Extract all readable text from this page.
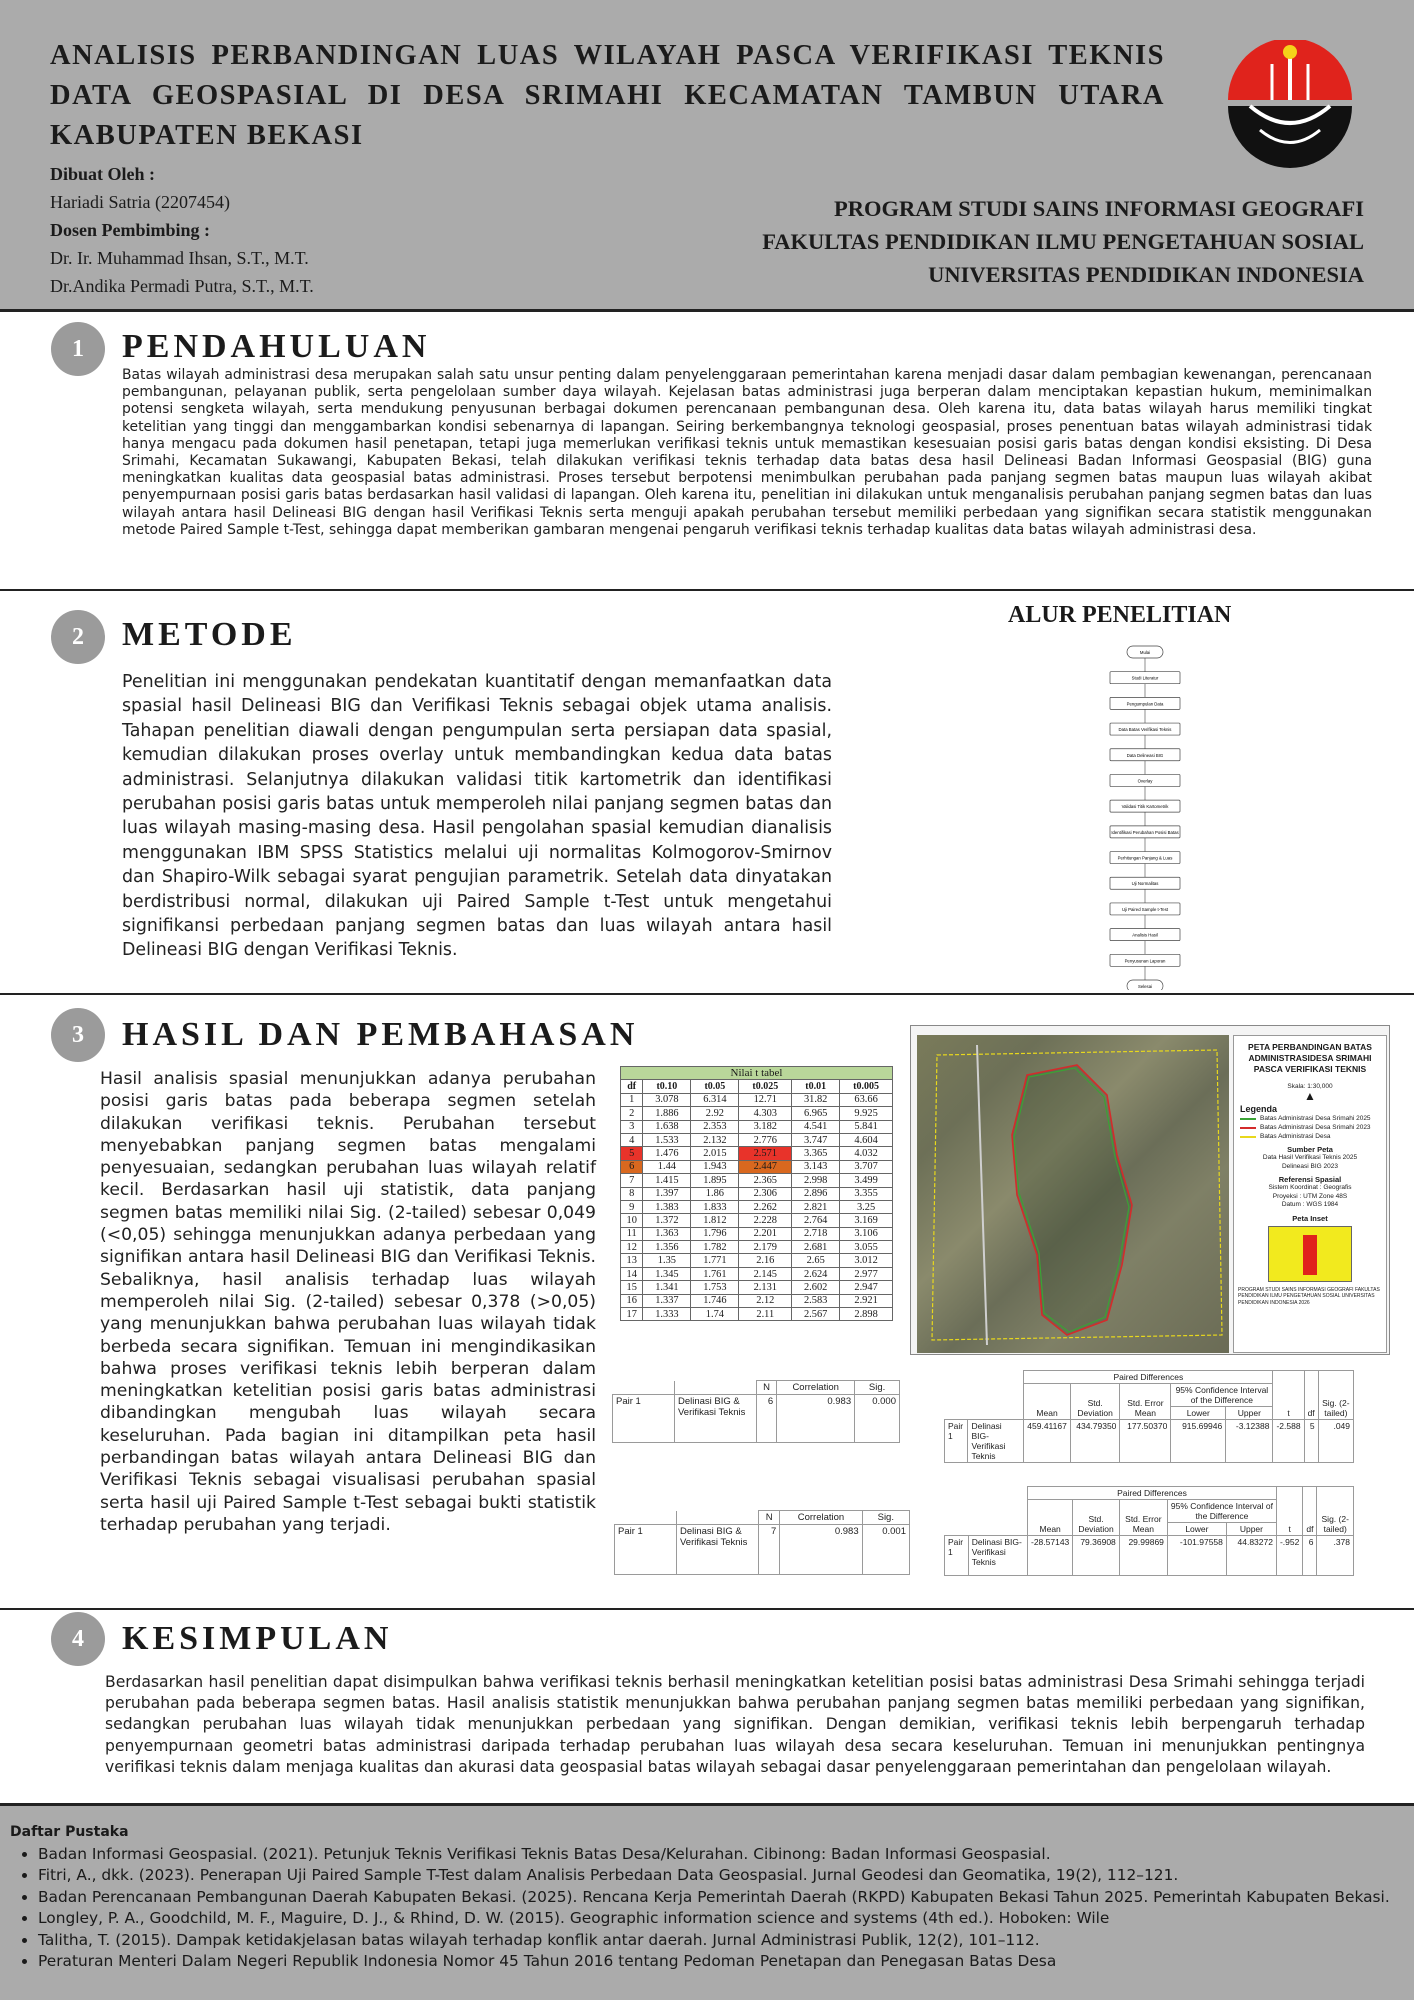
ANALISIS PERBANDINGAN LUAS WILAYAH PASCA VERIFIKASI TEKNIS DATA GEOSPASIAL DI DESA SRIMAHI KECAMATAN TAMBUN UTARA KABUPATEN BEKASI
Dibuat Oleh :
Hariadi Satria (2207454)
Dosen Pembimbing :
Dr. Ir. Muhammad Ihsan, S.T., M.T.
Dr.Andika Permadi Putra, S.T., M.T.
PROGRAM STUDI SAINS INFORMASI GEOGRAFI
FAKULTAS PENDIDIKAN ILMU PENGETAHUAN SOSIAL
UNIVERSITAS PENDIDIKAN INDONESIA
1	PENDAHULUAN
Batas wilayah administrasi desa merupakan salah satu unsur penting dalam penyelenggaraan pemerintahan karena menjadi dasar dalam pembagian kewenangan, perencanaan pembangunan, pelayanan publik, serta pengelolaan sumber daya wilayah. Kejelasan batas administrasi juga berperan dalam menciptakan kepastian hukum, meminimalkan potensi sengketa wilayah, serta mendukung penyusunan berbagai dokumen perencanaan pembangunan desa. Oleh karena itu, data batas wilayah harus memiliki tingkat ketelitian yang tinggi dan menggambarkan kondisi sebenarnya di lapangan. Seiring berkembangnya teknologi geospasial, proses penentuan batas wilayah administrasi tidak hanya mengacu pada dokumen hasil penetapan, tetapi juga memerlukan verifikasi teknis untuk memastikan kesesuaian posisi garis batas dengan kondisi eksisting. Di Desa Srimahi, Kecamatan Sukawangi, Kabupaten Bekasi, telah dilakukan verifikasi teknis terhadap data batas desa hasil Delineasi Badan Informasi Geospasial (BIG) guna meningkatkan kualitas data geospasial batas administrasi. Proses tersebut berpotensi menimbulkan perubahan pada panjang segmen batas maupun luas wilayah akibat penyempurnaan posisi garis batas berdasarkan hasil validasi di lapangan. Oleh karena itu, penelitian ini dilakukan untuk menganalisis perubahan panjang segmen batas dan luas wilayah antara hasil Delineasi BIG dengan hasil Verifikasi Teknis serta menguji apakah perubahan tersebut memiliki perbedaan yang signifikan secara statistik menggunakan metode Paired Sample t-Test, sehingga dapat memberikan gambaran mengenai pengaruh verifikasi teknis terhadap kualitas data batas wilayah administrasi desa.
2	METODE
Penelitian ini menggunakan pendekatan kuantitatif dengan memanfaatkan data spasial hasil Delineasi BIG dan Verifikasi Teknis sebagai objek utama analisis. Tahapan penelitian diawali dengan pengumpulan serta persiapan data spasial, kemudian dilakukan proses overlay untuk membandingkan kedua data batas administrasi. Selanjutnya dilakukan validasi titik kartometrik dan identifikasi perubahan posisi garis batas untuk memperoleh nilai panjang segmen batas dan luas wilayah masing-masing desa. Hasil pengolahan spasial kemudian dianalisis menggunakan IBM SPSS Statistics melalui uji normalitas Kolmogorov-Smirnov dan Shapiro-Wilk sebagai syarat pengujian parametrik. Setelah data dinyatakan berdistribusi normal, dilakukan uji Paired Sample t-Test untuk mengetahui signifikansi perbedaan panjang segmen batas dan luas wilayah antara hasil Delineasi BIG dengan Verifikasi Teknis.
ALUR PENELITIAN
Mulai
Studi Literatur
Pengumpulan Data
Data Batas Verifikasi Teknis
Data Delineasi BIG
Overlay
Validasi Titik Kartometrik
Identifikasi Perubahan Posisi Batas
Perhitungan Panjang & Luas
Uji Normalitas
Uji Paired Sample t-Test
Analisis Hasil
Penyusunan Laporan
Selesai
3	HASIL DAN PEMBAHASAN
Hasil analisis spasial menunjukkan adanya perubahan posisi garis batas pada beberapa segmen setelah dilakukan verifikasi teknis. Perubahan tersebut menyebabkan panjang segmen batas mengalami penyesuaian, sedangkan perubahan luas wilayah relatif kecil. Berdasarkan hasil uji statistik, data panjang segmen batas memiliki nilai Sig. (2-tailed) sebesar 0,049 (<0,05) sehingga menunjukkan adanya perbedaan yang signifikan antara hasil Delineasi BIG dan Verifikasi Teknis. Sebaliknya, hasil analisis terhadap luas wilayah memperoleh nilai Sig. (2-tailed) sebesar 0,378 (>0,05) yang menunjukkan bahwa perubahan luas wilayah tidak berbeda secara signifikan. Temuan ini mengindikasikan bahwa proses verifikasi teknis lebih berperan dalam meningkatkan ketelitian posisi garis batas administrasi dibandingkan mengubah luas wilayah secara keseluruhan. Pada bagian ini ditampilkan peta hasil perbandingan batas wilayah antara Delineasi BIG dan Verifikasi Teknis sebagai visualisasi perubahan spasial serta hasil uji Paired Sample t-Test sebagai bukti statistik terhadap perubahan yang terjadi.
Nilai t tabel					
df	t0.10	t0.05	t0.025	t0.01	t0.005
1	3.078	6.314	12.71	31.82	63.66
2	1.886	2.92	4.303	6.965	9.925
3	1.638	2.353	3.182	4.541	5.841
4	1.533	2.132	2.776	3.747	4.604
5	1.476	2.015	2.571	3.365	4.032
6	1.44	1.943	2.447	3.143	3.707
7	1.415	1.895	2.365	2.998	3.499
8	1.397	1.86	2.306	2.896	3.355
9	1.383	1.833	2.262	2.821	3.25
10	1.372	1.812	2.228	2.764	3.169
11	1.363	1.796	2.201	2.718	3.106
12	1.356	1.782	2.179	2.681	3.055
13	1.35	1.771	2.16	2.65	3.012
14	1.345	1.761	2.145	2.624	2.977
15	1.341	1.753	2.131	2.602	2.947
16	1.337	1.746	2.12	2.583	2.921
17	1.333	1.74	2.11	2.567	2.898
PETA PERBANDINGAN BATAS ADMINISTRASIDESA SRIMAHI PASCA VERIFIKASI TEKNIS
Skala: 1:30,000
▲
Legenda
Batas Administrasi Desa Srimahi 2025
Batas Administrasi Desa Srimahi 2023
Batas Administrasi Desa
Sumber Peta
Data Hasil Verifikasi Teknis 2025
Delineasi BIG 2023
Referensi Spasial
Sistem Koordinat : Geografis
Proyeksi : UTM Zone 48S
Datum : WGS 1984
Peta Inset
PROGRAM STUDI SAINS INFORMASI GEOGRAFI FAKULTAS PENDIDIKAN ILMU PENGETAHUAN SOSIAL UNIVERSITAS PENDIDIKAN INDONESIA 2026
		N	Correlation	Sig.
Pair 1	Delinasi BIG & Verifikasi Teknis	6	0.983	0.000
		N	Correlation	Sig.
Pair 1	Delinasi BIG & Verifikasi Teknis	7	0.983	0.001
		Paired Differences					t	df	Sig. (2-tailed)
		Mean	Std. Deviation	Std. Error Mean	95% Confidence Interval of the Difference				
					Lower	Upper			
Pair 1	Delinasi BIG- Verifikasi Teknis	459.41167	434.79350	177.50370	915.69946	-3.12388	-2.588	5	.049
		Paired Differences					t	df	Sig. (2-tailed)
		Mean	Std. Deviation	Std. Error Mean	95% Confidence Interval of the Difference				
					Lower	Upper			
Pair 1	Delinasi BIG- Verifikasi Teknis	-28.57143	79.36908	29.99869	-101.97558	44.83272	-.952	6	.378
4	KESIMPULAN
Berdasarkan hasil penelitian dapat disimpulkan bahwa verifikasi teknis berhasil meningkatkan ketelitian posisi batas administrasi Desa Srimahi sehingga terjadi perubahan pada beberapa segmen batas. Hasil analisis statistik menunjukkan bahwa perubahan panjang segmen batas memiliki perbedaan yang signifikan, sedangkan perubahan luas wilayah tidak menunjukkan perbedaan yang signifikan. Dengan demikian, verifikasi teknis lebih berpengaruh terhadap penyempurnaan geometri batas administrasi daripada terhadap perubahan luas wilayah desa secara keseluruhan. Temuan ini menunjukkan pentingnya verifikasi teknis dalam menjaga kualitas dan akurasi data geospasial batas wilayah sebagai dasar penyelenggaraan pemerintahan dan pengelolaan wilayah.
Daftar Pustaka
• Badan Informasi Geospasial. (2021). Petunjuk Teknis Verifikasi Teknis Batas Desa/Kelurahan. Cibinong: Badan Informasi Geospasial.
• Fitri, A., dkk. (2023). Penerapan Uji Paired Sample T-Test dalam Analisis Perbedaan Data Geospasial. Jurnal Geodesi dan Geomatika, 19(2), 112–121.
• Badan Perencanaan Pembangunan Daerah Kabupaten Bekasi. (2025). Rencana Kerja Pemerintah Daerah (RKPD) Kabupaten Bekasi Tahun 2025. Pemerintah Kabupaten Bekasi.
• Longley, P. A., Goodchild, M. F., Maguire, D. J., & Rhind, D. W. (2015). Geographic information science and systems (4th ed.). Hoboken: Wile
• Talitha, T. (2015). Dampak ketidakjelasan batas wilayah terhadap konflik antar daerah. Jurnal Administrasi Publik, 12(2), 101–112.
• Peraturan Menteri Dalam Negeri Republik Indonesia Nomor 45 Tahun 2016 tentang Pedoman Penetapan dan Penegasan Batas Desa
